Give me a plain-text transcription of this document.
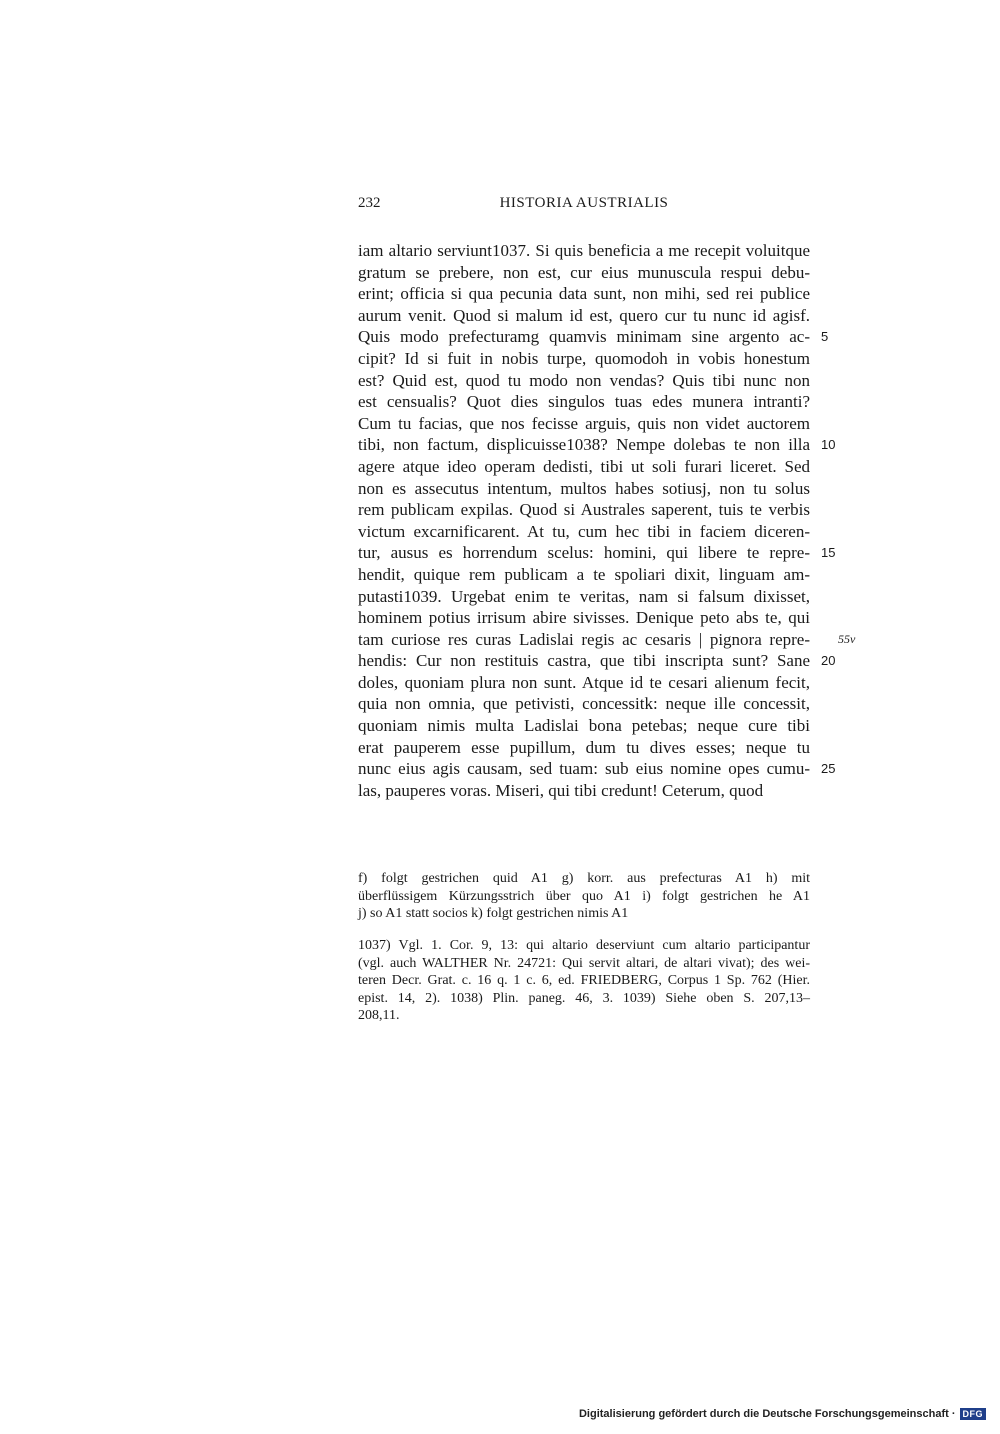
232	HISTORIA AUSTRIALIS
iam altario serviunt1037. Si quis beneficia a me recepit voluitque
gratum se prebere, non est, cur eius munuscula respui debu-
erint; officia si qua pecunia data sunt, non mihi, sed rei publice
aurum venit. Quod si malum id est, quero cur tu nunc id agisf.
Quis modo prefecturamg quamvis minimam sine argento ac- 5
cipit? Id si fuit in nobis turpe, quomodoh in vobis honestum
est? Quid est, quod tu modo non vendas? Quis tibi nunc non
est censualis? Quot dies singulos tuas edes munera intranti?
Cum tu facias, que nos fecisse arguis, quis non videt auctorem
tibi, non factum, displicuisse1038? Nempe dolebas te non illa 10
agere atque ideo operam dedisti, tibi ut soli furari liceret. Sed
non es assecutus intentum, multos habes sotiusj, non tu solus
rem publicam expilas. Quod si Australes saperent, tuis te verbis
victum excarnificarent. At tu, cum hec tibi in faciem diceren-
tur, ausus es horrendum scelus: homini, qui libere te repre- 15
hendit, quique rem publicam a te spoliari dixit, linguam am-
putasti1039. Urgebat enim te veritas, nam si falsum dixisset,
hominem potius irrisum abire sivisses. Denique peto abs te, qui
tam curiose res curas Ladislai regis ac cesaris | pignora repre- 55v
hendis: Cur non restituis castra, que tibi inscripta sunt? Sane 20
doles, quoniam plura non sunt. Atque id te cesari alienum fecit,
quia non omnia, que petivisti, concessitk: neque ille concessit,
quoniam nimis multa Ladislai bona petebas; neque cure tibi
erat pauperem esse pupillum, dum tu dives esses; neque tu
nunc eius agis causam, sed tuam: sub eius nomine opes cumu- 25
las, pauperes voras. Miseri, qui tibi credunt! Ceterum, quod
f) folgt gestrichen quid A1 g) korr. aus prefecturas A1 h) mit
überflüssigem Kürzungsstrich über quo A1 i) folgt gestrichen he A1
j) so A1 statt socios k) folgt gestrichen nimis A1
1037) Vgl. 1. Cor. 9, 13: qui altario deserviunt cum altario participantur
(vgl. auch WALTHER Nr. 24721: Qui servit altari, de altari vivat); des wei-
teren Decr. Grat. c. 16 q. 1 c. 6, ed. FRIEDBERG, Corpus 1 Sp. 762 (Hier.
epist. 14, 2). 1038) Plin. paneg. 46, 3. 1039) Siehe oben S. 207,13–
208,11.
Digitalisierung gefördert durch die Deutsche Forschungsgemeinschaft · DFG
